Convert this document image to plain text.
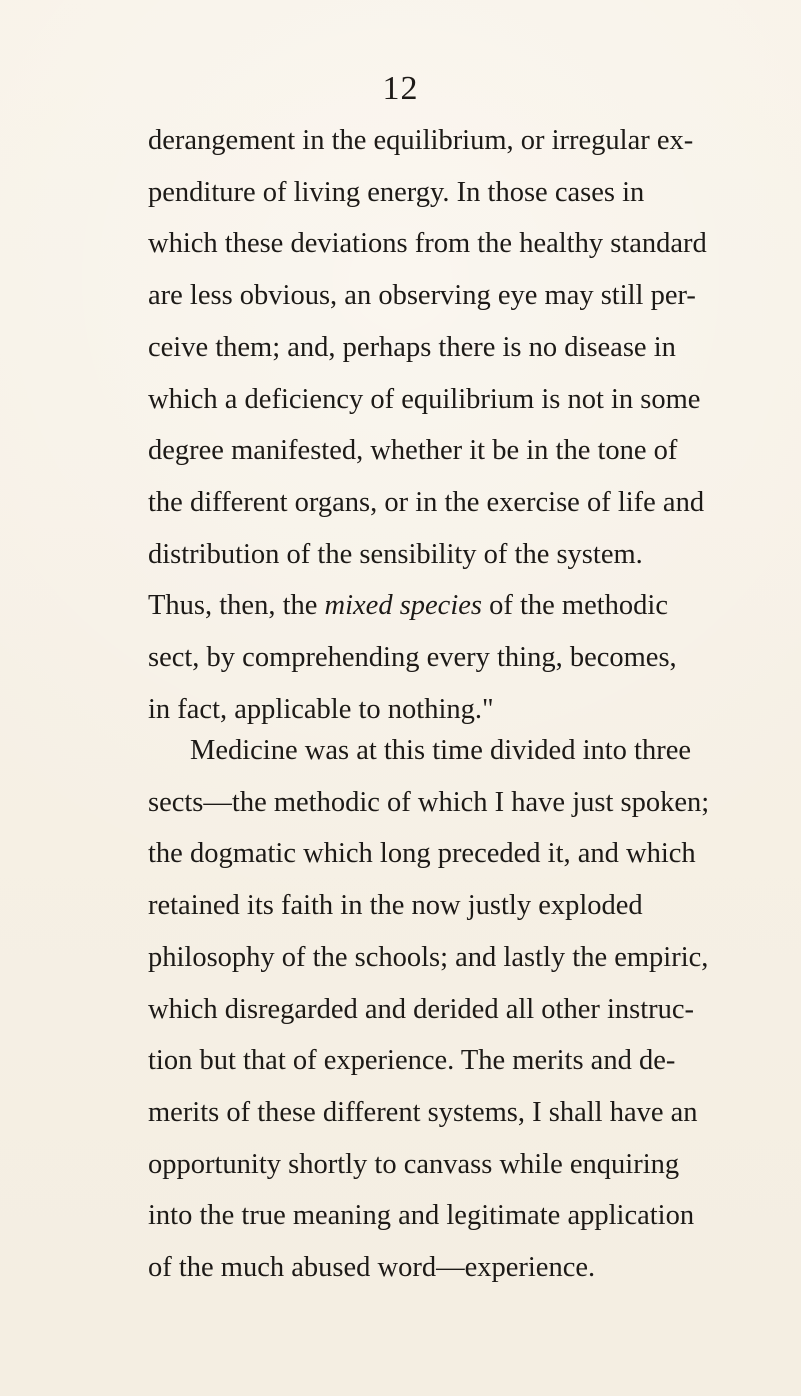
12
derangement in the equilibrium, or irregular ex-
penditure of living energy. In those cases in
which these deviations from the healthy standard
are less obvious, an observing eye may still per-
ceive them; and, perhaps there is no disease in
which a deficiency of equilibrium is not in some
degree manifested, whether it be in the tone of
the different organs, or in the exercise of life and
distribution of the sensibility of the system.
Thus, then, the mixed species of the methodic
sect, by comprehending every thing, becomes,
in fact, applicable to nothing."
Medicine was at this time divided into three
sects—the methodic of which I have just spoken;
the dogmatic which long preceded it, and which
retained its faith in the now justly exploded
philosophy of the schools; and lastly the empiric,
which disregarded and derided all other instruc-
tion but that of experience. The merits and de-
merits of these different systems, I shall have an
opportunity shortly to canvass while enquiring
into the true meaning and legitimate application
of the much abused word—experience.
